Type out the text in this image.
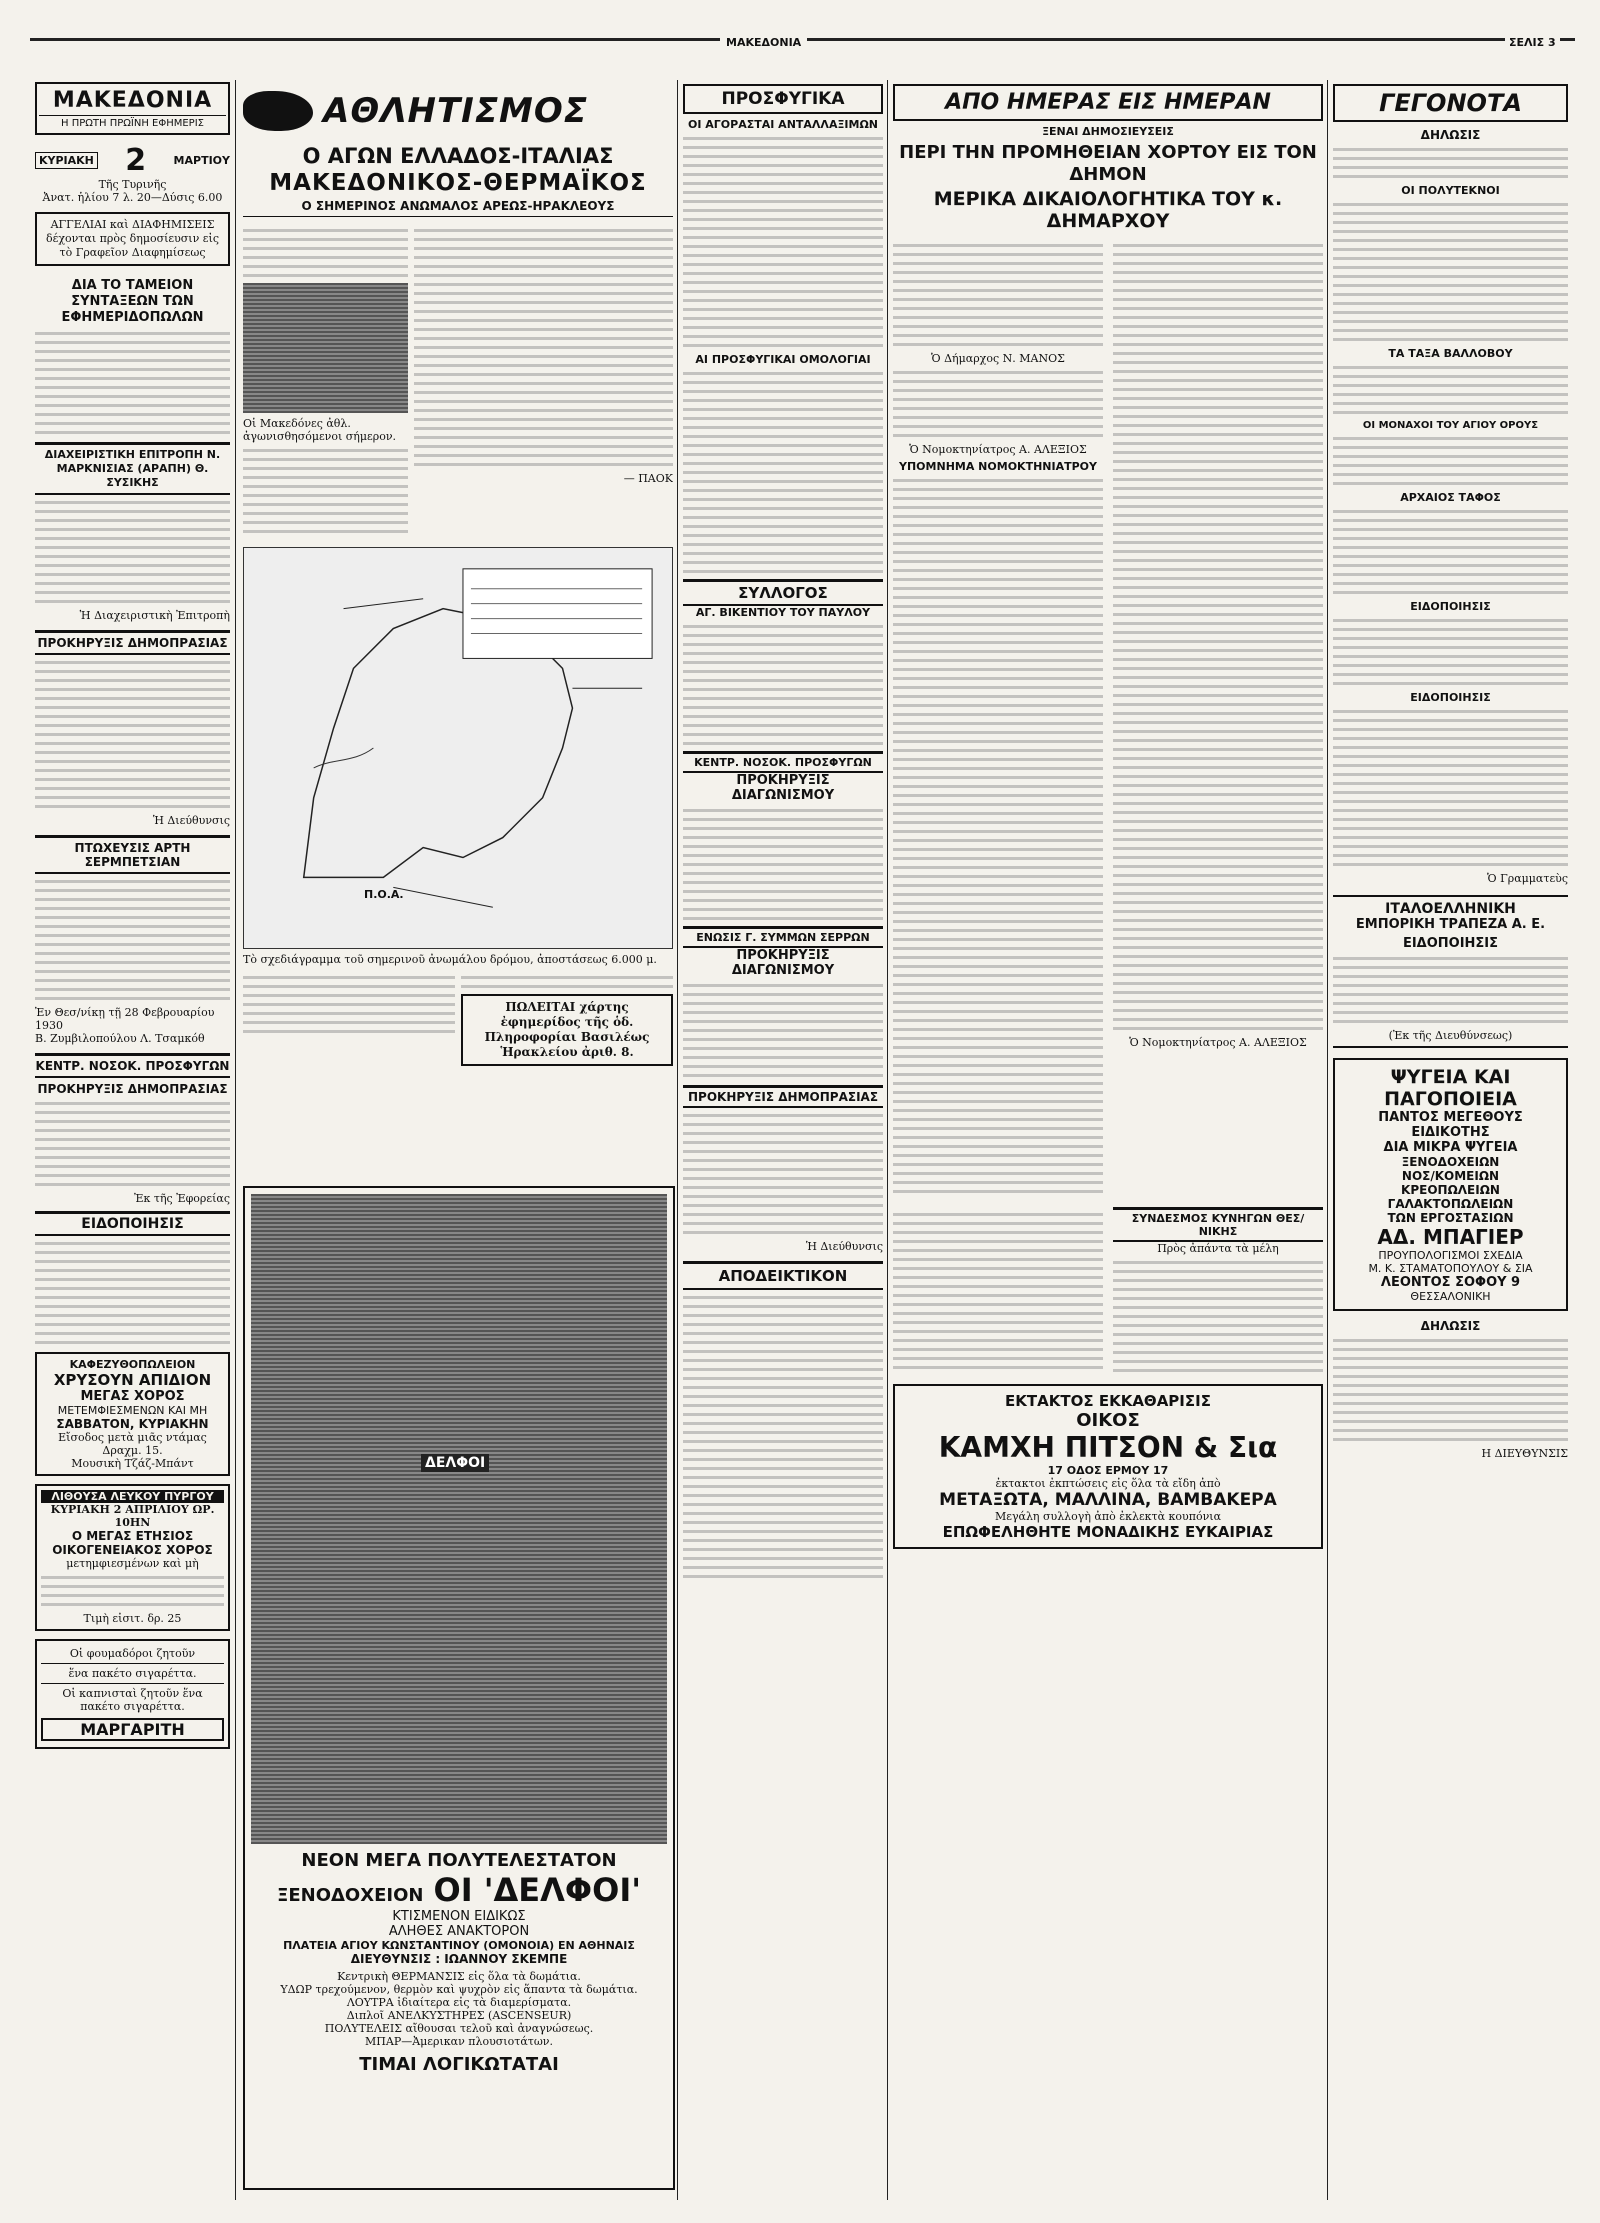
ΜΑΚΕΔΟΝΙΑ	ΣΕΛΙΣ 3
ΜΑΚΕΔΟΝΙΑ
Η ΠΡΩΤΗ ΠΡΩΪΝΗ ΕΦΗΜΕΡΙΣ
ΚΥΡΙΑΚΗ 2 ΜΑΡΤΙΟΥ
Τῆς Τυρινῆς
Ἀνατ. ἡλίου 7 λ. 20—Δύσις 6.00
ΑΓΓΕΛΙΑΙ καὶ ΔΙΑΦΗΜΙΣΕΙΣ δέχονται πρὸς δημοσίευσιν εἰς τὸ Γραφεῖον Διαφημίσεως
ΔΙΑ ΤΟ ΤΑΜΕΙΟΝ ΣΥΝΤΑΞΕΩΝ ΤΩΝ ΕΦΗΜΕΡΙΔΟΠΩΛΩΝ
ΔΙΑΧΕΙΡΙΣΤΙΚΗ ΕΠΙΤΡΟΠΗ Ν. ΜΑΡΚΝΙΣΙΑΣ (ΑΡΑΠΗ) Θ. ΣΥΣΙΚΗΣ
Ἡ Διαχειριστικὴ Ἐπιτροπὴ
ΠΡΟΚΗΡΥΞΙΣ ΔΗΜΟΠΡΑΣΙΑΣ
Ἡ Διεύθυνσις
ΠΤΩΧΕΥΣΙΣ ΑΡΤΗ ΣΕΡΜΠΕΤΣΙΑΝ
Ἐν Θεσ/νίκῃ τῇ 28 Φεβρουαρίου 1930
Β. Ζυμβιλοπούλου Λ. Τσαμκόθ
ΚΕΝΤΡ. ΝΟΣΟΚ. ΠΡΟΣΦΥΓΩΝ
ΠΡΟΚΗΡΥΞΙΣ ΔΗΜΟΠΡΑΣΙΑΣ
Ἐκ τῆς Ἐφορείας
ΕΙΔΟΠΟΙΗΣΙΣ
ΚΑΦΕΖΥΘΟΠΩΛΕΙΟΝ
ΧΡΥΣΟΥΝ ΑΠΙΔΙΟΝ
ΜΕΓΑΣ ΧΟΡΟΣ
ΜΕΤΕΜΦΙΕΣΜΕΝΩΝ ΚΑΙ ΜΗ
ΣΑΒΒΑΤΟΝ, ΚΥΡΙΑΚΗΝ
Εἴσοδος μετὰ μιᾶς ντάμας Δραχμ. 15.
Μουσικὴ Τζάζ-Μπάντ
ΛΙΘΟΥΣΑ ΛΕΥΚΟΥ ΠΥΡΓΟΥ
ΚΥΡΙΑΚΗ 2 ΑΠΡΙΛΙΟΥ ΩΡ. 10ΗΝ
Ο ΜΕΓΑΣ ΕΤΗΣΙΟΣ
ΟΙΚΟΓΕΝΕΙΑΚΟΣ ΧΟΡΟΣ
μετημφιεσμένων καὶ μὴ
Τιμὴ εἰσιτ. δρ. 25
Οἱ φουμαδόροι ζητοῦν
ἕνα πακέτο σιγαρέττα.
Οἱ καπνισταὶ ζητοῦν ἕνα
πακέτο σιγαρέττα.
ΜΑΡΓΑΡΙΤΗ
ΑΘΛΗΤΙΣΜΟΣ
Ο ΑΓΩΝ ΕΛΛΑΔΟΣ-ΙΤΑΛΙΑΣ
ΜΑΚΕΔΟΝΙΚΟΣ-ΘΕΡΜΑΪΚΟΣ
Ο ΣΗΜΕΡΙΝΟΣ ΑΝΩΜΑΛΟΣ ΑΡΕΩΣ-ΗΡΑΚΛΕΟΥΣ
Οἱ Μακεδόνες ἀθλ. ἀγωνισθησόμενοι σήμερον.
— ΠΑΟΚ
Π.Ο.Α.
Τὸ σχεδιάγραμμα τοῦ σημερινοῦ ἀνωμάλου δρόμου, ἀποστάσεως 6.000 μ.
ΠΩΛΕΙΤΑΙ χάρτης ἐφημερίδος τῆς ὁδ. Πληροφορίαι Βασιλέως Ἡρακλείου ἀριθ. 8.
ΔΕΛΦΟΙ
ΝΕΟΝ ΜΕΓΑ ΠΟΛΥΤΕΛΕΣΤΑΤΟΝ
ΞΕΝΟΔΟΧΕΙΟΝ ΟΙ 'ΔΕΛΦΟΙ'
ΚΤΙΣΜΕΝΟΝ ΕΙΔΙΚΩΣ
ΑΛΗΘΕΣ ΑΝΑΚΤΟΡΟΝ
ΠΛΑΤΕΙΑ ΑΓΙΟΥ ΚΩΝΣΤΑΝΤΙΝΟΥ (ΟΜΟΝΟΙΑ) ΕΝ ΑΘΗΝΑΙΣ
ΔΙΕΥΘΥΝΣΙΣ : ΙΩΑΝΝΟΥ ΣΚΕΜΠΕ
Κεντρικὴ ΘΕΡΜΑΝΣΙΣ εἰς ὅλα τὰ δωμάτια.
ΥΔΩΡ τρεχούμενον, θερμὸν καὶ ψυχρὸν εἰς ἅπαντα τὰ δωμάτια.
ΛΟΥΤΡΑ ἰδιαίτερα εἰς τὰ διαμερίσματα.
Διπλοῖ ΑΝΕΛΚΥΣΤΗΡΕΣ (ASCENSEUR)
ΠΟΛΥΤΕΛΕΙΣ αἴθουσαι τελοῦ καὶ ἀναγνώσεως.
ΜΠΑΡ—Ἀμερικαν πλουσιοτάτων.
ΤΙΜΑΙ ΛΟΓΙΚΩΤΑΤΑΙ
ΠΡΟΣΦΥΓΙΚΑ
ΟΙ ΑΓΟΡΑΣΤΑΙ ΑΝΤΑΛΛΑΞΙΜΩΝ
ΑΙ ΠΡΟΣΦΥΓΙΚΑΙ ΟΜΟΛΟΓΙΑΙ
ΣΥΛΛΟΓΟΣ
ΑΓ. ΒΙΚΕΝΤΙΟΥ ΤΟΥ ΠΑΥΛΟΥ
ΚΕΝΤΡ. ΝΟΣΟΚ. ΠΡΟΣΦΥΓΩΝ
ΠΡΟΚΗΡΥΞΙΣ ΔΙΑΓΩΝΙΣΜΟΥ
ΕΝΩΣΙΣ Γ. ΣΥΜΜΩΝ ΣΕΡΡΩΝ
ΠΡΟΚΗΡΥΞΙΣ ΔΙΑΓΩΝΙΣΜΟΥ
ΠΡΟΚΗΡΥΞΙΣ ΔΗΜΟΠΡΑΣΙΑΣ
Ἡ Διεύθυνσις
ΑΠΟΔΕΙΚΤΙΚΟΝ
ΑΠΟ ΗΜΕΡΑΣ ΕΙΣ ΗΜΕΡΑΝ
ΞΕΝΑΙ ΔΗΜΟΣΙΕΥΣΕΙΣ
ΠΕΡΙ ΤΗΝ ΠΡΟΜΗΘΕΙΑΝ ΧΟΡΤΟΥ ΕΙΣ ΤΟΝ ΔΗΜΟΝ
ΜΕΡΙΚΑ ΔΙΚΑΙΟΛΟΓΗΤΙΚΑ ΤΟΥ κ. ΔΗΜΑΡΧΟΥ
Ὁ Δήμαρχος Ν. ΜΑΝΟΣ
Ὁ Νομοκτηνίατρος Α. ΑΛΕΞΙΟΣ
ΥΠΟΜΝΗΜΑ ΝΟΜΟΚΤΗΝΙΑΤΡΟΥ
Ὁ Νομοκτηνίατρος Α. ΑΛΕΞΙΟΣ
ΣΥΝΔΕΣΜΟΣ ΚΥΝΗΓΩΝ ΘΕΣ/ΝΙΚΗΣ
Πρὸς ἀπάντα τὰ μέλη
ΕΚΤΑΚΤΟΣ ΕΚΚΑΘΑΡΙΣΙΣ
ΟΙΚΟΣ
ΚΑΜΧΗ ΠΙΤΣΟΝ & Σια
17 ΟΔΟΣ ΕΡΜΟΥ 17
ἐκτακτοι ἐκπτώσεις εἰς ὅλα τὰ εἴδη ἀπὸ
ΜΕΤΑΞΩΤΑ, ΜΑΛΛΙΝΑ, ΒΑΜΒΑΚΕΡΑ
Μεγάλη συλλογὴ ἀπὸ ἐκλεκτὰ κουπόνια
ΕΠΩΦΕΛΗΘΗΤΕ ΜΟΝΑΔΙΚΗΣ ΕΥΚΑΙΡΙΑΣ
ΓΕΓΟΝΟΤΑ
ΔΗΛΩΣΙΣ
ΟΙ ΠΟΛΥΤΕΚΝΟΙ
ΤΑ ΤΑΞΑ ΒΑΛΛΟΒΟΥ
ΟΙ ΜΟΝΑΧΟΙ ΤΟΥ ΑΓΙΟΥ ΟΡΟΥΣ
ΑΡΧΑΙΟΣ ΤΑΦΟΣ
ΕΙΔΟΠΟΙΗΣΙΣ
ΕΙΔΟΠΟΙΗΣΙΣ
Ὁ Γραμματεὺς
ΙΤΑΛΟΕΛΛΗΝΙΚΗ
ΕΜΠΟΡΙΚΗ ΤΡΑΠΕΖΑ Α. Ε.
ΕΙΔΟΠΟΙΗΣΙΣ
(Ἐκ τῆς Διευθύνσεως)
ΨΥΓΕΙΑ ΚΑΙ
ΠΑΓΟΠΟΙΕΙΑ
ΠΑΝΤΟΣ ΜΕΓΕΘΟΥΣ
ΕΙΔΙΚΟΤΗΣ
ΔΙΑ ΜΙΚΡΑ ΨΥΓΕΙΑ
ΞΕΝΟΔΟΧΕΙΩΝ
ΝΟΣ/ΚΟΜΕΙΩΝ
ΚΡΕΟΠΩΛΕΙΩΝ
ΓΑΛΑΚΤΟΠΩΛΕΙΩΝ
ΤΩΝ ΕΡΓΟΣΤΑΣΙΩΝ
ΑΔ. ΜΠΑΓΙΕΡ
ΠΡΟΥΠΟΛΟΓΙΣΜΟΙ ΣΧΕΔΙΑ
Μ. Κ. ΣΤΑΜΑΤΟΠΟΥΛΟΥ & ΣΙΑ
ΛΕΟΝΤΟΣ ΣΟΦΟΥ 9
ΘΕΣΣΑΛΟΝΙΚΗ
ΔΗΛΩΣΙΣ
Η ΔΙΕΥΘΥΝΣΙΣ
